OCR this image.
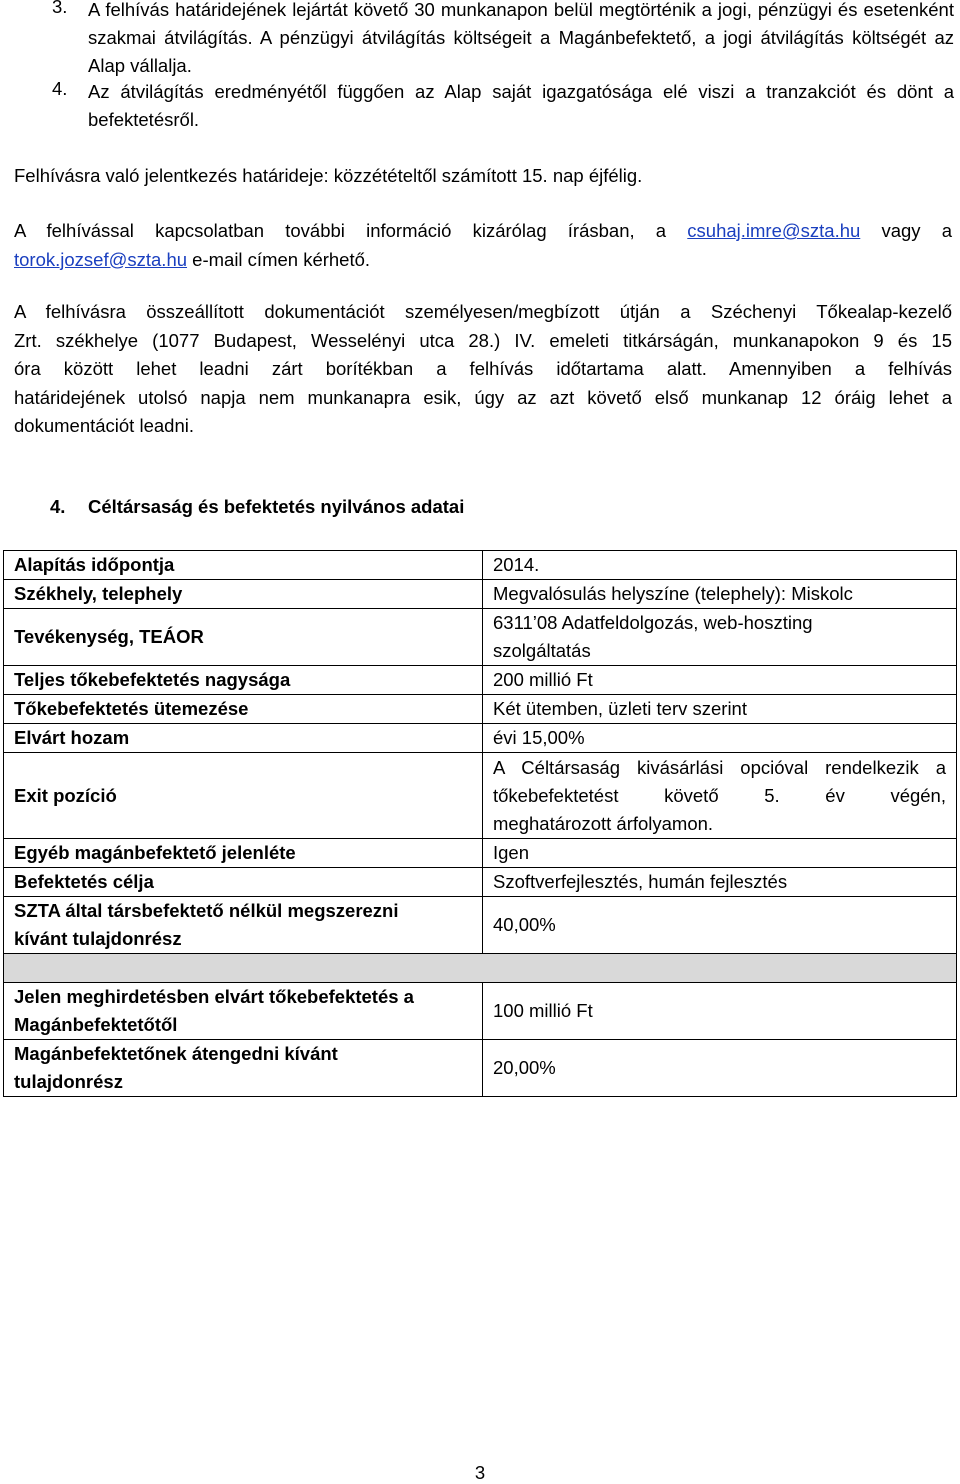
3. A felhívás határidejének lejártát követő 30 munkanapon belül megtörténik a jogi, pénzügyi és esetenként szakmai átvilágítás. A pénzügyi átvilágítás költségeit a Magánbefektető, a jogi átvilágítás költségét az Alap vállalja.
4. Az átvilágítás eredményétől függően az Alap saját igazgatósága elé viszi a tranzakciót és dönt a befektetésről.
Felhívásra való jelentkezés határideje: közzétételtől számított 15. nap éjfélig.
A felhívással kapcsolatban további információ kizárólag írásban, a csuhaj.imre@szta.hu vagy a
torok.jozsef@szta.hu e-mail címen kérhető.
A felhívásra összeállított dokumentációt személyesen/megbízott útján a Széchenyi Tőkealap-kezelő
Zrt. székhelye (1077 Budapest, Wesselényi utca 28.) IV. emeleti titkárságán, munkanapokon 9 és 15
óra között lehet leadni zárt borítékban a felhívás időtartama alatt. Amennyiben a felhívás
határidejének utolsó napja nem munkanapra esik, úgy az azt követő első munkanap 12 óráig lehet a
dokumentációt leadni.
4. Céltársaság és befektetés nyilvános adatai
Alapítás időpontja	2014.
Székhely, telephely	Megvalósulás helyszíne (telephely): Miskolc
Tevékenység, TEÁOR	6311’08 Adatfeldolgozás, web-hoszting
szolgáltatás

Teljes tőkebefektetés nagysága	200 millió Ft
Tőkebefektetés ütemezése	Két ütemben, üzleti terv szerint
Elvárt hozam	évi 15,00%
Exit pozíció	A Céltársaság kivásárlási opcióval rendelkezik a
tőkebefektetést követő 5. év végén,
meghatározott árfolyamon.

Egyéb magánbefektető jelenléte	Igen
Befektetés célja	Szoftverfejlesztés, humán fejlesztés

SZTA által társbefektető nélkül megszerezni
kívánt tulajdonrész	40,00%

Jelen meghirdetésben elvárt tőkebefektetés a
Magánbefektetőtől	100 millió Ft

Magánbefektetőnek átengedni kívánt
tulajdonrész	20,00%
3
